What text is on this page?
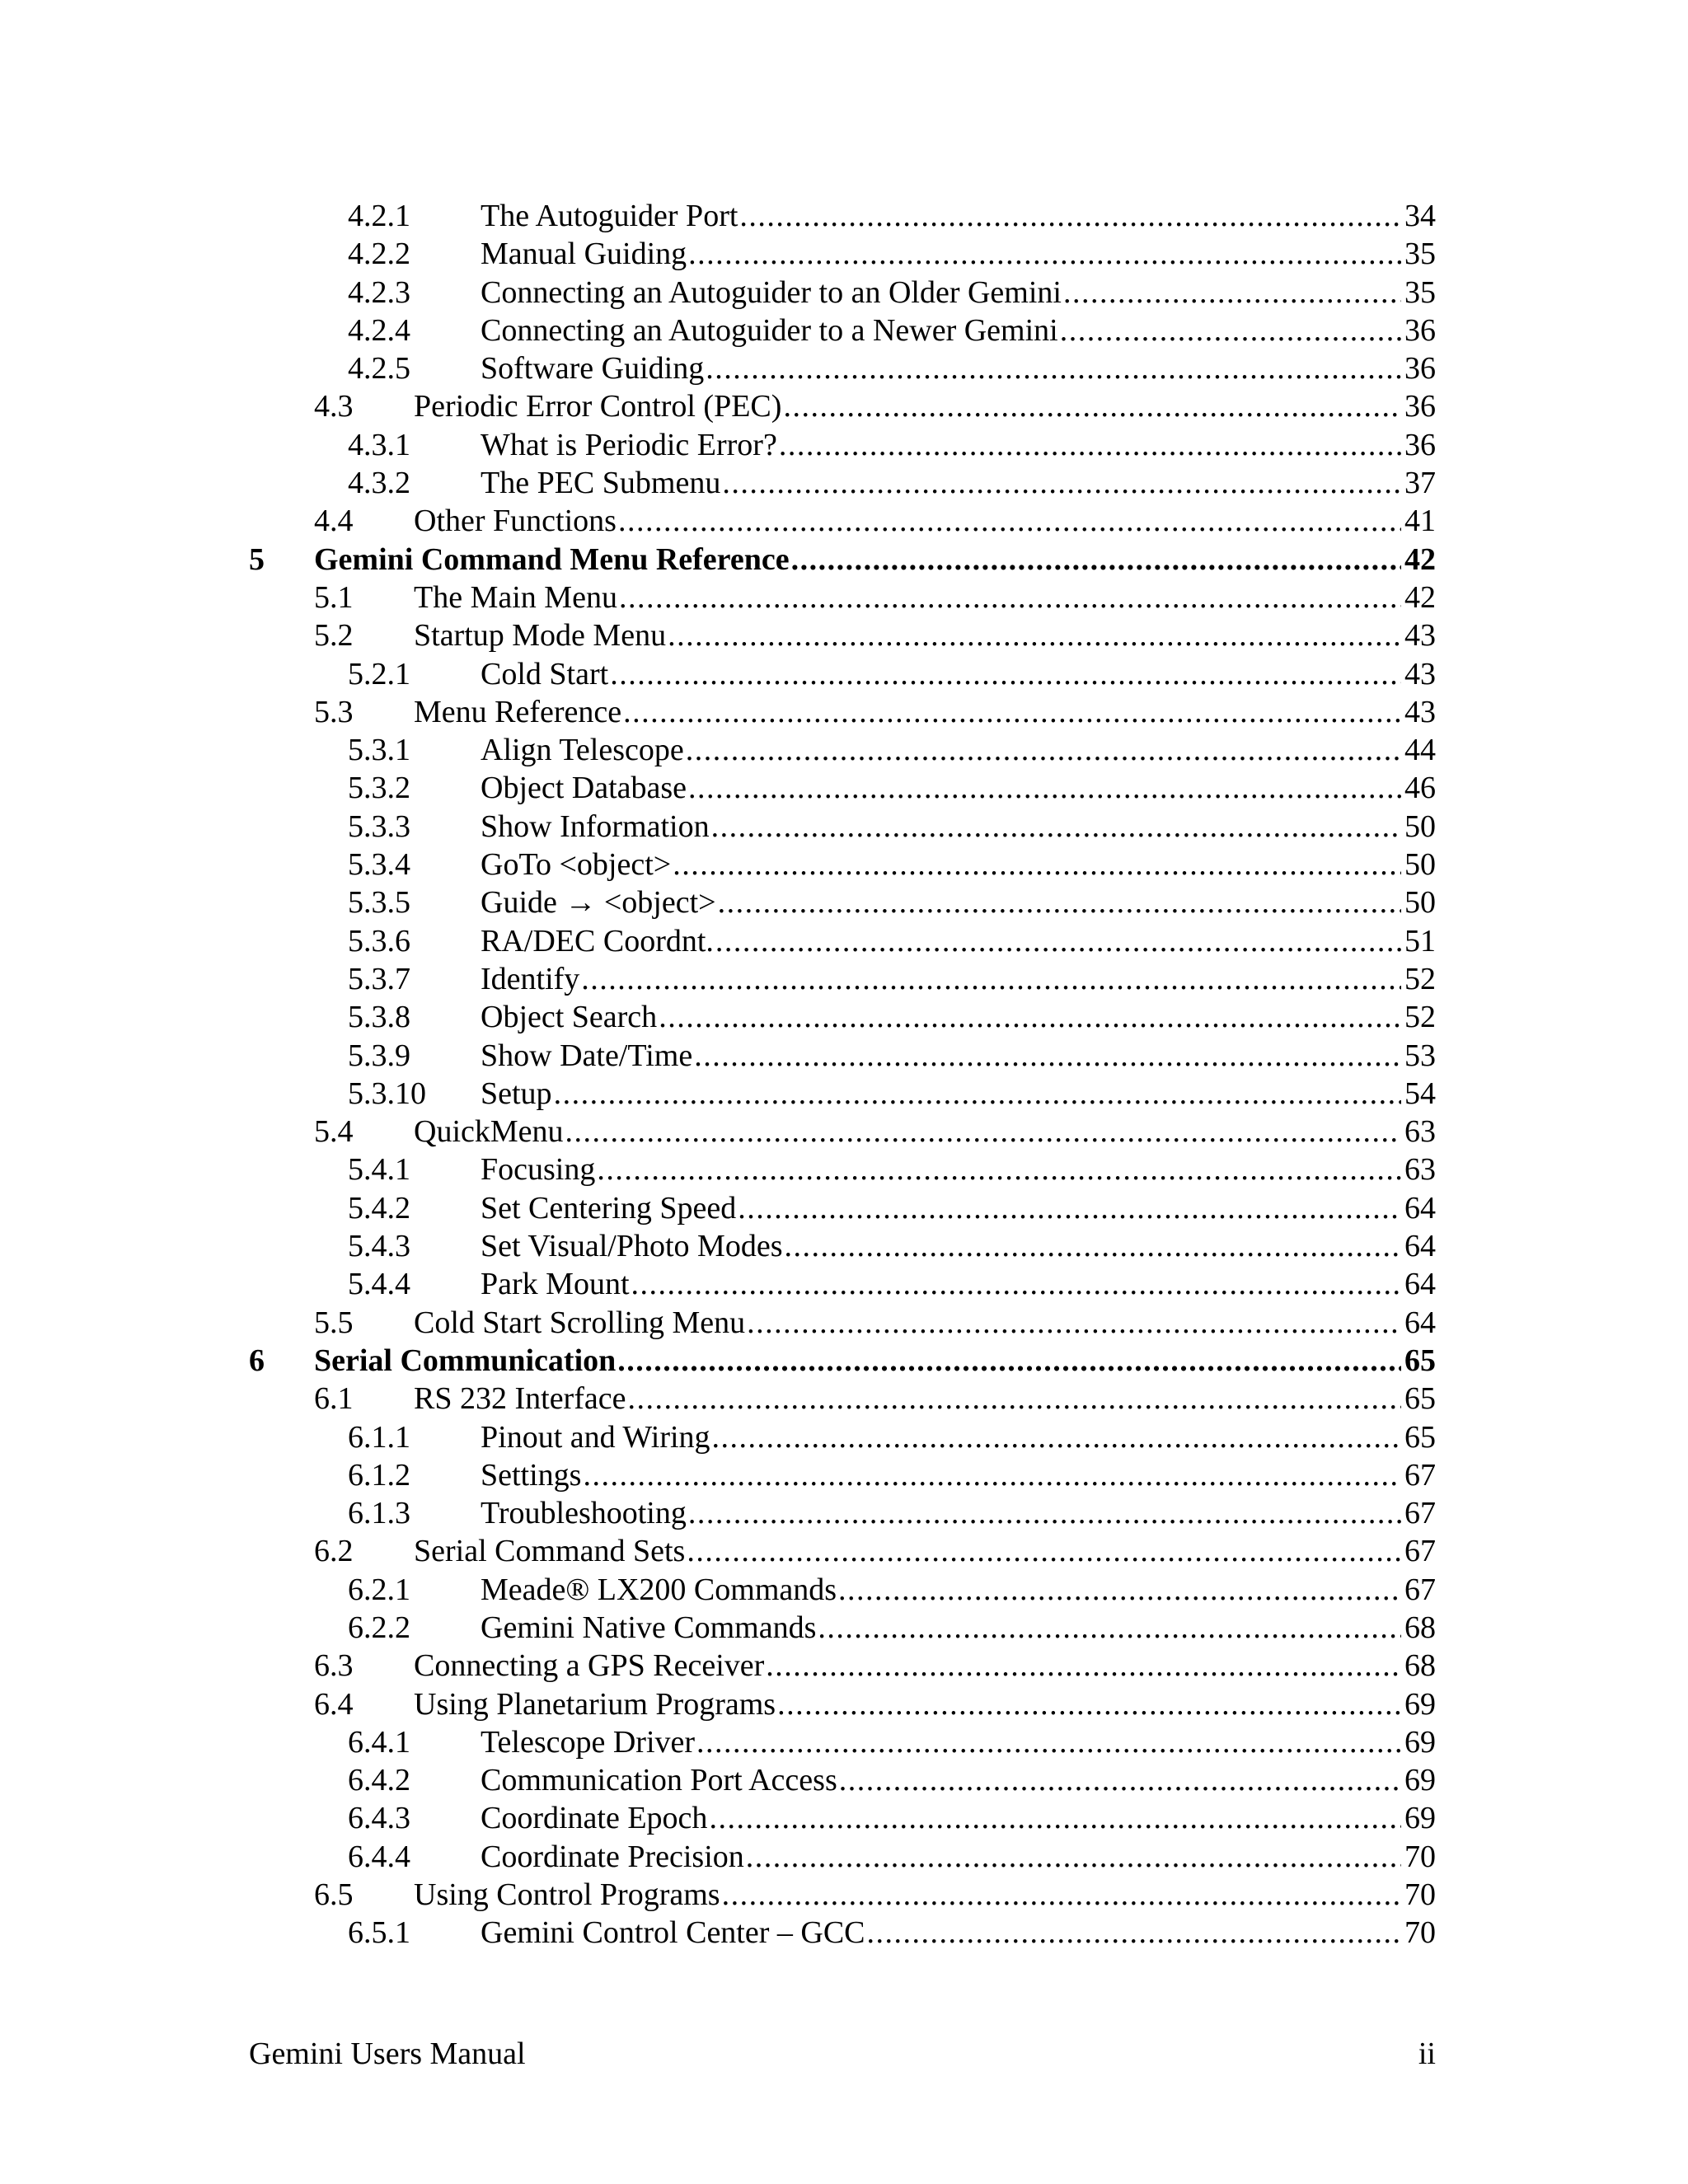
4.2.1 The Autoguider Port .....	34
4.2.2 Manual Guiding .....	35
4.2.3 Connecting an Autoguider to an Older Gemini .....	35
4.2.4 Connecting an Autoguider to a Newer Gemini .....	36
4.2.5 Software Guiding .....	36
4.3 Periodic Error Control (PEC) .....	36
4.3.1 What is Periodic Error? .....	36
4.3.2 The PEC Submenu .....	37
4.4 Other Functions .....	41
5 Gemini Command Menu Reference .....	42
5.1 The Main Menu .....	42
5.2 Startup Mode Menu .....	43
5.2.1 Cold Start .....	43
5.3 Menu Reference .....	43
5.3.1 Align Telescope .....	44
5.3.2 Object Database .....	46
5.3.3 Show Information .....	50
5.3.4 GoTo <object> .....	50
5.3.5 Guide → <object> .....	50
5.3.6 RA/DEC Coordnt. .....	51
5.3.7 Identify .....	52
5.3.8 Object Search .....	52
5.3.9 Show Date/Time .....	53
5.3.10 Setup .....	54
5.4 QuickMenu .....	63
5.4.1 Focusing .....	63
5.4.2 Set Centering Speed .....	64
5.4.3 Set Visual/Photo Modes .....	64
5.4.4 Park Mount .....	64
5.5 Cold Start Scrolling Menu .....	64
6 Serial Communication .....	65
6.1 RS 232 Interface .....	65
6.1.1 Pinout and Wiring .....	65
6.1.2 Settings .....	67
6.1.3 Troubleshooting .....	67
6.2 Serial Command Sets .....	67
6.2.1 Meade® LX200 Commands .....	67
6.2.2 Gemini Native Commands .....	68
6.3 Connecting a GPS Receiver .....	68
6.4 Using Planetarium Programs .....	69
6.4.1 Telescope Driver .....	69
6.4.2 Communication Port Access .....	69
6.4.3 Coordinate Epoch .....	69
6.4.4 Coordinate Precision .....	70
6.5 Using Control Programs .....	70
6.5.1 Gemini Control Center – GCC .....	70
Gemini Users Manual	ii
